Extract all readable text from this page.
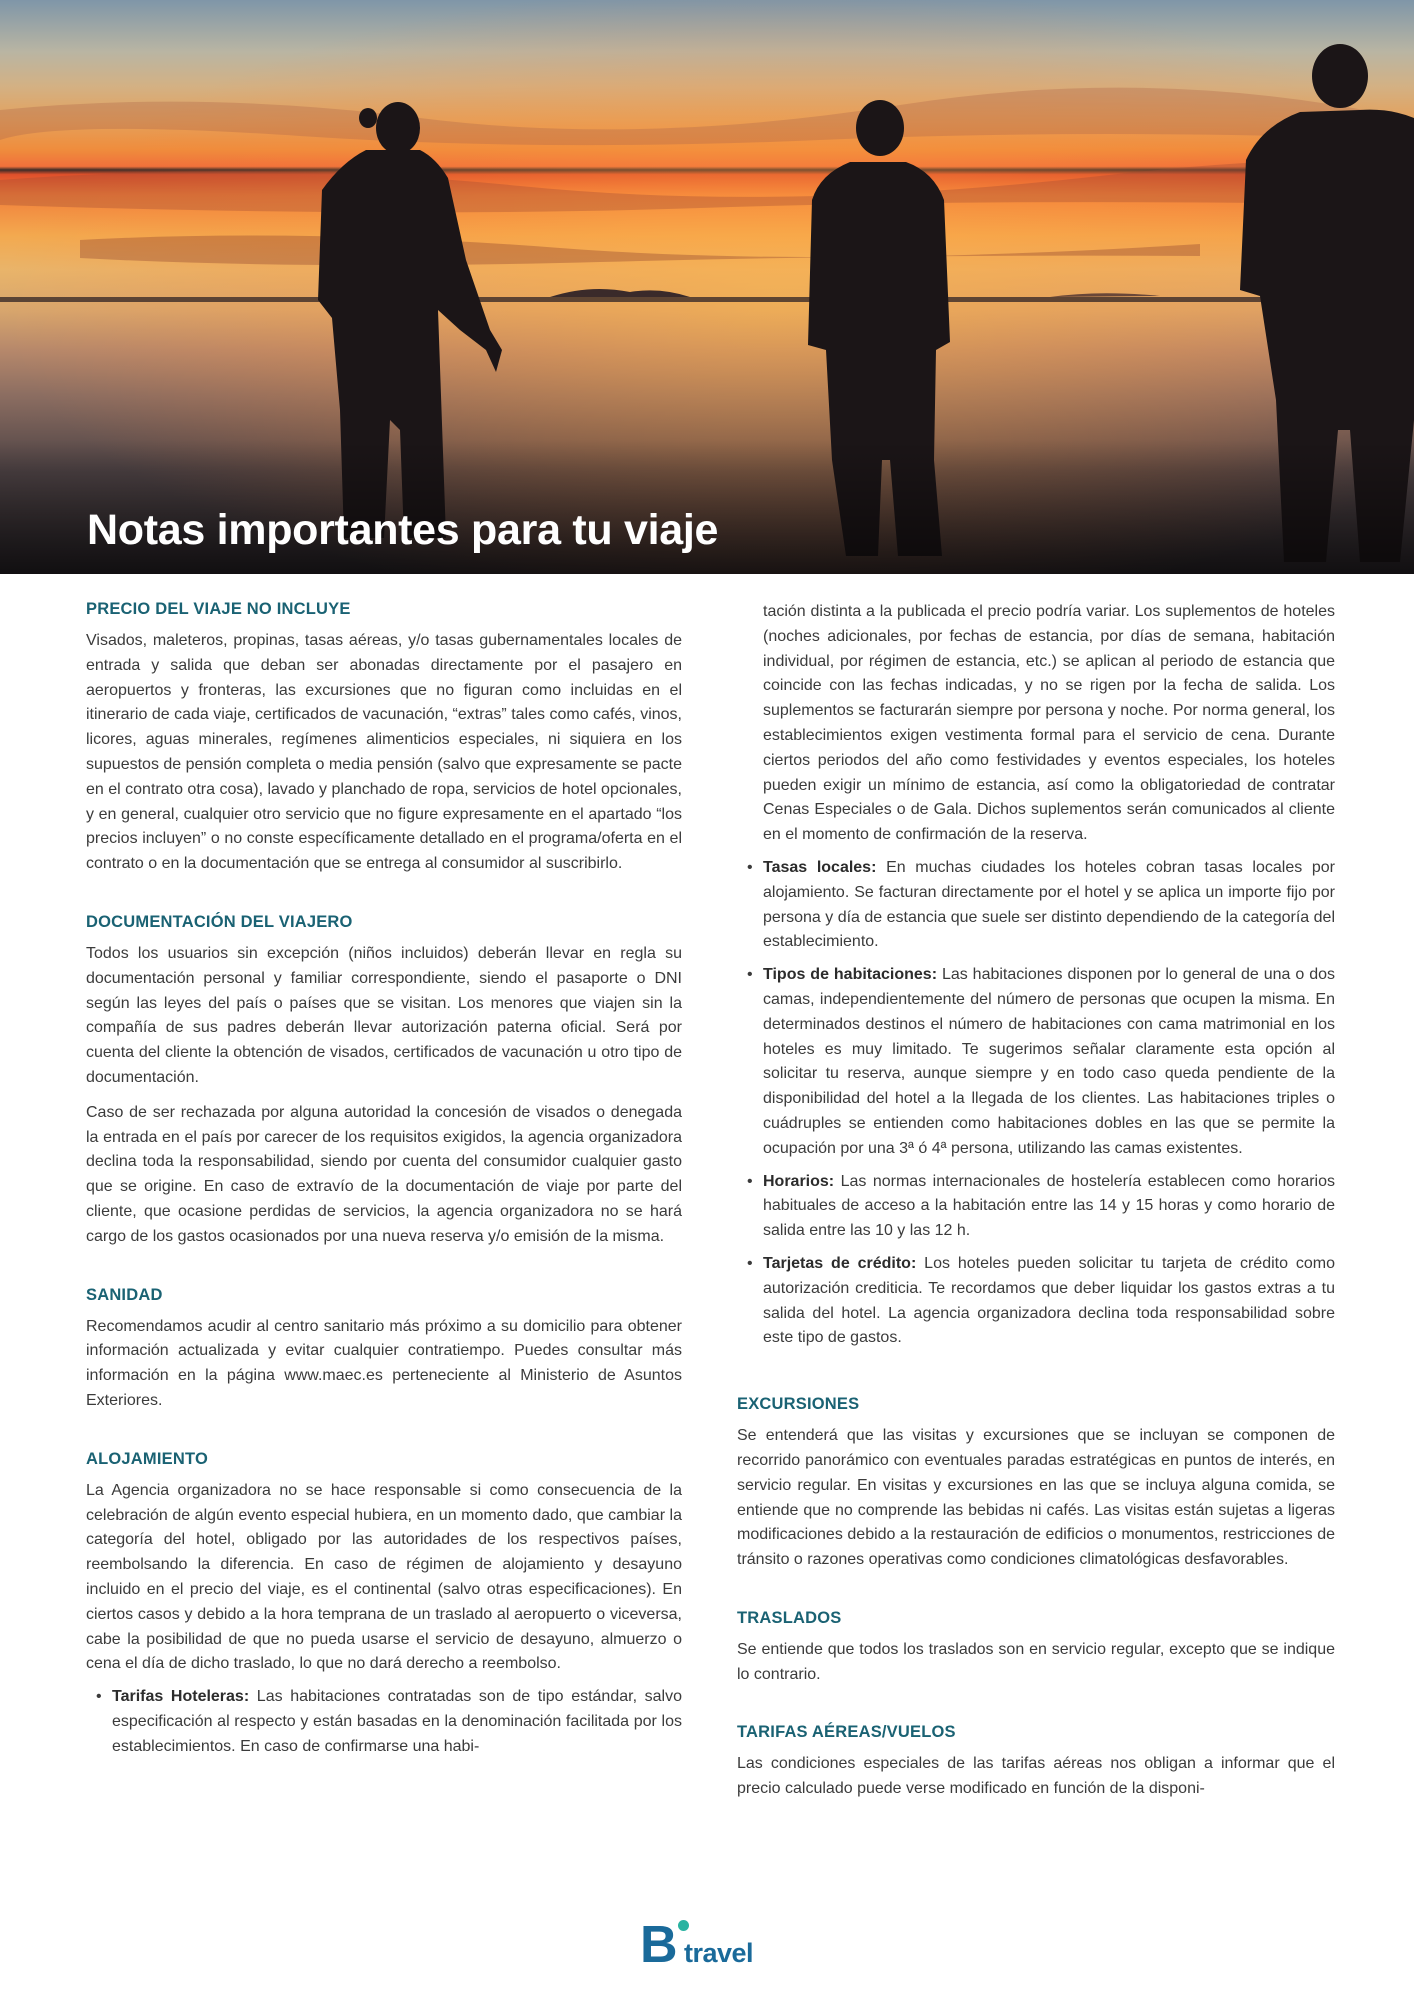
Notas importantes para tu viaje
PRECIO DEL VIAJE NO INCLUYE

Visados, maleteros, propinas, tasas aéreas, y/o tasas gubernamentales locales de entrada y salida que deban ser abonadas directamente por el pasajero en aeropuertos y fronteras, las excursiones que no figuran como incluidas en el itinerario de cada viaje, certificados de vacunación, “extras” tales como cafés, vinos, licores, aguas minerales, regímenes alimenticios especiales, ni siquiera en los supuestos de pensión completa o media pensión (salvo que expresamente se pacte en el contrato otra cosa), lavado y planchado de ropa, servicios de hotel opcionales, y en general, cualquier otro servicio que no figure expresamente en el apartado “los precios incluyen” o no conste específicamente detallado en el programa/oferta en el contrato o en la documentación que se entrega al consumidor al suscribirlo.

DOCUMENTACIÓN DEL VIAJERO

Todos los usuarios sin excepción (niños incluidos) deberán llevar en regla su documentación personal y familiar correspondiente, siendo el pasaporte o DNI según las leyes del país o países que se visitan. Los menores que viajen sin la compañía de sus padres deberán llevar autorización paterna oficial. Será por cuenta del cliente la obtención de visados, certificados de vacunación u otro tipo de documentación.

Caso de ser rechazada por alguna autoridad la concesión de visados o denegada la entrada en el país por carecer de los requisitos exigidos, la agencia organizadora declina toda la responsabilidad, siendo por cuenta del consumidor cualquier gasto que se origine. En caso de extravío de la documentación de viaje por parte del cliente, que ocasione perdidas de servicios, la agencia organizadora no se hará cargo de los gastos ocasionados por una nueva reserva y/o emisión de la misma.

SANIDAD

Recomendamos acudir al centro sanitario más próximo a su domicilio para obtener información actualizada y evitar cualquier contratiempo. Puedes consultar más información en la página www.maec.es perteneciente al Ministerio de Asuntos Exteriores.

ALOJAMIENTO

La Agencia organizadora no se hace responsable si como consecuencia de la celebración de algún evento especial hubiera, en un momento dado, que cambiar la categoría del hotel, obligado por las autoridades de los respectivos países, reembolsando la diferencia. En caso de régimen de alojamiento y desayuno incluido en el precio del viaje, es el continental (salvo otras especificaciones). En ciertos casos y debido a la hora temprana de un traslado al aeropuerto o viceversa, cabe la posibilidad de que no pueda usarse el servicio de desayuno, almuerzo o cena el día de dicho traslado, lo que no dará derecho a reembolso.

• Tarifas Hoteleras: Las habitaciones contratadas son de tipo estándar, salvo especificación al respecto y están basadas en la denominación facilitada por los establecimientos. En caso de confirmarse una habi-

tación distinta a la publicada el precio podría variar. Los suplementos de hoteles (noches adicionales, por fechas de estancia, por días de semana, habitación individual, por régimen de estancia, etc.) se aplican al periodo de estancia que coincide con las fechas indicadas, y no se rigen por la fecha de salida. Los suplementos se facturarán siempre por persona y noche. Por norma general, los establecimientos exigen vestimenta formal para el servicio de cena. Durante ciertos periodos del año como festividades y eventos especiales, los hoteles pueden exigir un mínimo de estancia, así como la obligatoriedad de contratar Cenas Especiales o de Gala. Dichos suplementos serán comunicados al cliente en el momento de confirmación de la reserva.

• Tasas locales: En muchas ciudades los hoteles cobran tasas locales por alojamiento. Se facturan directamente por el hotel y se aplica un importe fijo por persona y día de estancia que suele ser distinto dependiendo de la categoría del establecimiento.
• Tipos de habitaciones: Las habitaciones disponen por lo general de una o dos camas, independientemente del número de personas que ocupen la misma. En determinados destinos el número de habitaciones con cama matrimonial en los hoteles es muy limitado. Te sugerimos señalar claramente esta opción al solicitar tu reserva, aunque siempre y en todo caso queda pendiente de la disponibilidad del hotel a la llegada de los clientes. Las habitaciones triples o cuádruples se entienden como habitaciones dobles en las que se permite la ocupación por una 3ª ó 4ª persona, utilizando las camas existentes.
• Horarios: Las normas internacionales de hostelería establecen como horarios habituales de acceso a la habitación entre las 14 y 15 horas y como horario de salida entre las 10 y las 12 h.
• Tarjetas de crédito: Los hoteles pueden solicitar tu tarjeta de crédito como autorización crediticia. Te recordamos que deber liquidar los gastos extras a tu salida del hotel. La agencia organizadora declina toda responsabilidad sobre este tipo de gastos.
EXCURSIONES

Se entenderá que las visitas y excursiones que se incluyan se componen de recorrido panorámico con eventuales paradas estratégicas en puntos de interés, en servicio regular. En visitas y excursiones en las que se incluya alguna comida, se entiende que no comprende las bebidas ni cafés. Las visitas están sujetas a ligeras modificaciones debido a la restauración de edificios o monumentos, restricciones de tránsito o razones operativas como condiciones climatológicas desfavorables.

TRASLADOS

Se entiende que todos los traslados son en servicio regular, excepto que se indique lo contrario.

TARIFAS AÉREAS/VUELOS

Las condiciones especiales de las tarifas aéreas nos obligan a informar que el precio calculado puede verse modificado en función de la disponi-

B travel
